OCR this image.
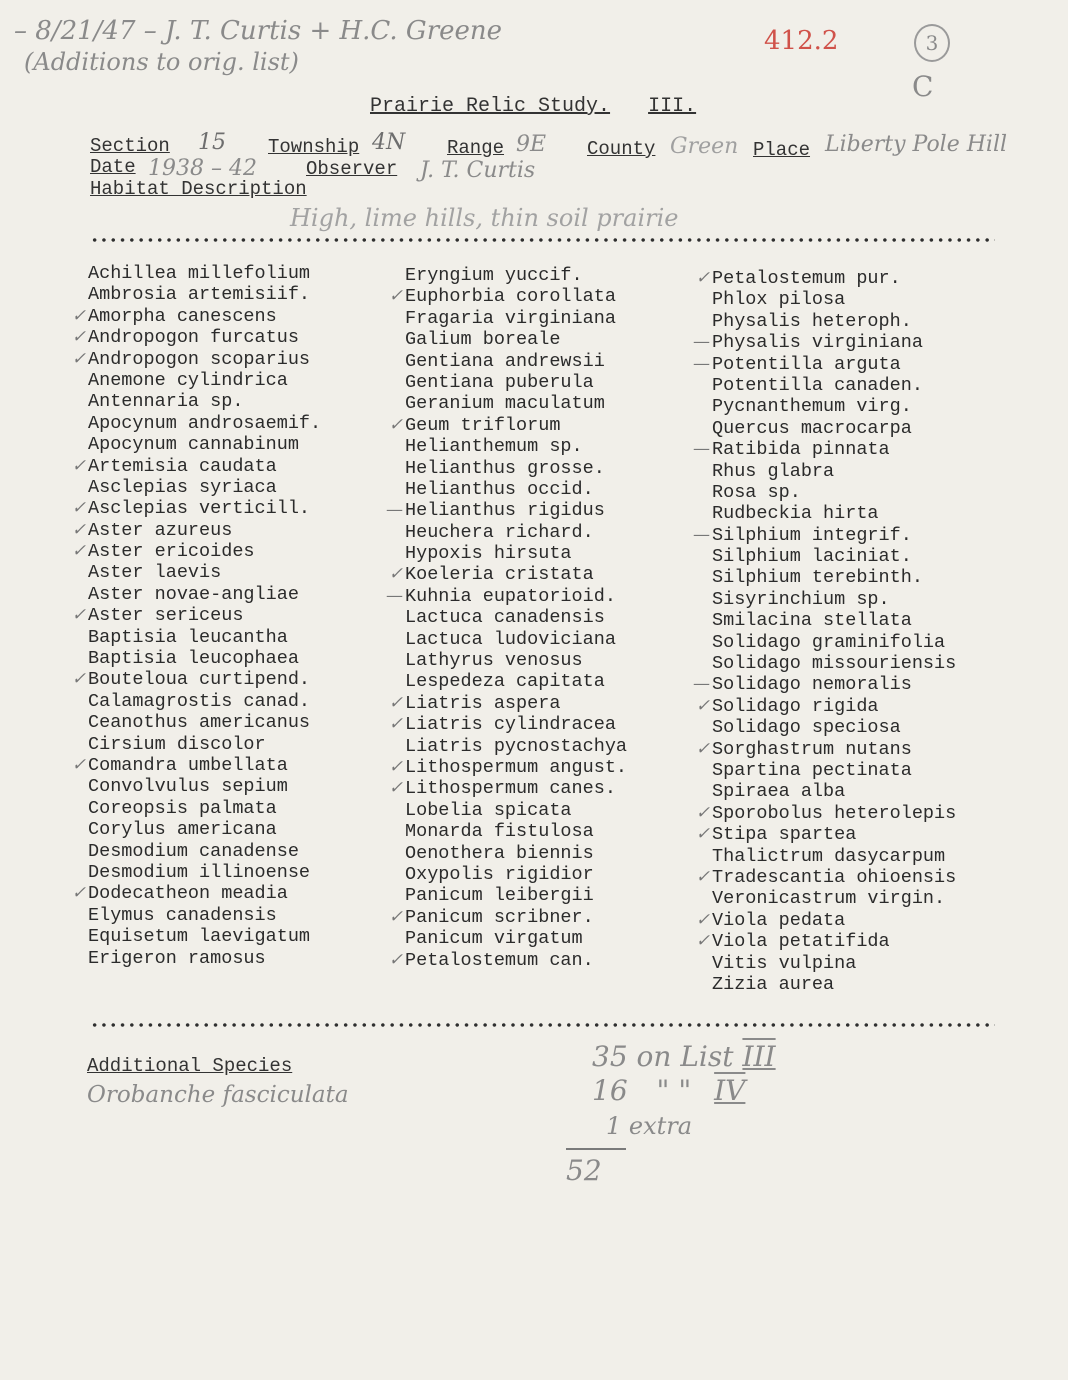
– 8/21/47 – J. T. Curtis + H.C. Greene
(Additions to orig. list)
412.2	3
C
Prairie Relic Study. III.
Section 15 Township 4N Range 9E County Green Place Liberty Pole Hill
Date 1938 – 42	Observer J. T. Curtis
Habitat Description
High, lime hills, thin soil prairie
Achillea millefolium
Ambrosia artemisiif.
✓ Amorpha canescens
✓ Andropogon furcatus
✓ Andropogon scoparius
Anemone cylindrica
Antennaria sp.
Apocynum androsaemif.
Apocynum cannabinum
✓ Artemisia caudata
Asclepias syriaca
✓ Asclepias verticill.
✓ Aster azureus
✓ Aster ericoides
Aster laevis
Aster novae-angliae
✓ Aster sericeus
Baptisia leucantha
Baptisia leucophaea
✓ Bouteloua curtipend.
Calamagrostis canad.
Ceanothus americanus
Cirsium discolor
✓ Comandra umbellata
Convolvulus sepium
Coreopsis palmata
Corylus americana
Desmodium canadense
Desmodium illinoense
✓ Dodecatheon meadia
Elymus canadensis
Equisetum laevigatum
Erigeron ramosus
Eryngium yuccif.
✓ Euphorbia corollata
Fragaria virginiana
Galium boreale
Gentiana andrewsii
Gentiana puberula
Geranium maculatum
✓ Geum triflorum
Helianthemum sp.
Helianthus grosse.
Helianthus occid.
— Helianthus rigidus
Heuchera richard.
Hypoxis hirsuta
✓ Koeleria cristata
— Kuhnia eupatorioid.
Lactuca canadensis
Lactuca ludoviciana
Lathyrus venosus
Lespedeza capitata
✓ Liatris aspera
✓ Liatris cylindracea
Liatris pycnostachya
✓ Lithospermum angust.
✓ Lithospermum canes.
Lobelia spicata
Monarda fistulosa
Oenothera biennis
Oxypolis rigidior
Panicum leibergii
✓ Panicum scribner.
Panicum virgatum
✓ Petalostemum can.
✓ Petalostemum pur.
Phlox pilosa
Physalis heteroph.
— Physalis virginiana
— Potentilla arguta
Potentilla canaden.
Pycnanthemum virg.
Quercus macrocarpa
— Ratibida pinnata
Rhus glabra
Rosa sp.
Rudbeckia hirta
— Silphium integrif.
Silphium laciniat.
Silphium terebinth.
Sisyrinchium sp.
Smilacina stellata
Solidago graminifolia
Solidago missouriensis
— Solidago nemoralis
✓ Solidago rigida
Solidago speciosa
✓ Sorghastrum nutans
Spartina pectinata
Spiraea alba
✓ Sporobolus heterolepis
✓ Stipa spartea
Thalictrum dasycarpum
✓ Tradescantia ohioensis
Veronicastrum virgin.
✓ Viola pedata
✓ Viola petatifida
Vitis vulpina
Zizia aurea
Additional Species
Orobanche fasciculata
35 on List III
16 " " IV
1 extra
52
